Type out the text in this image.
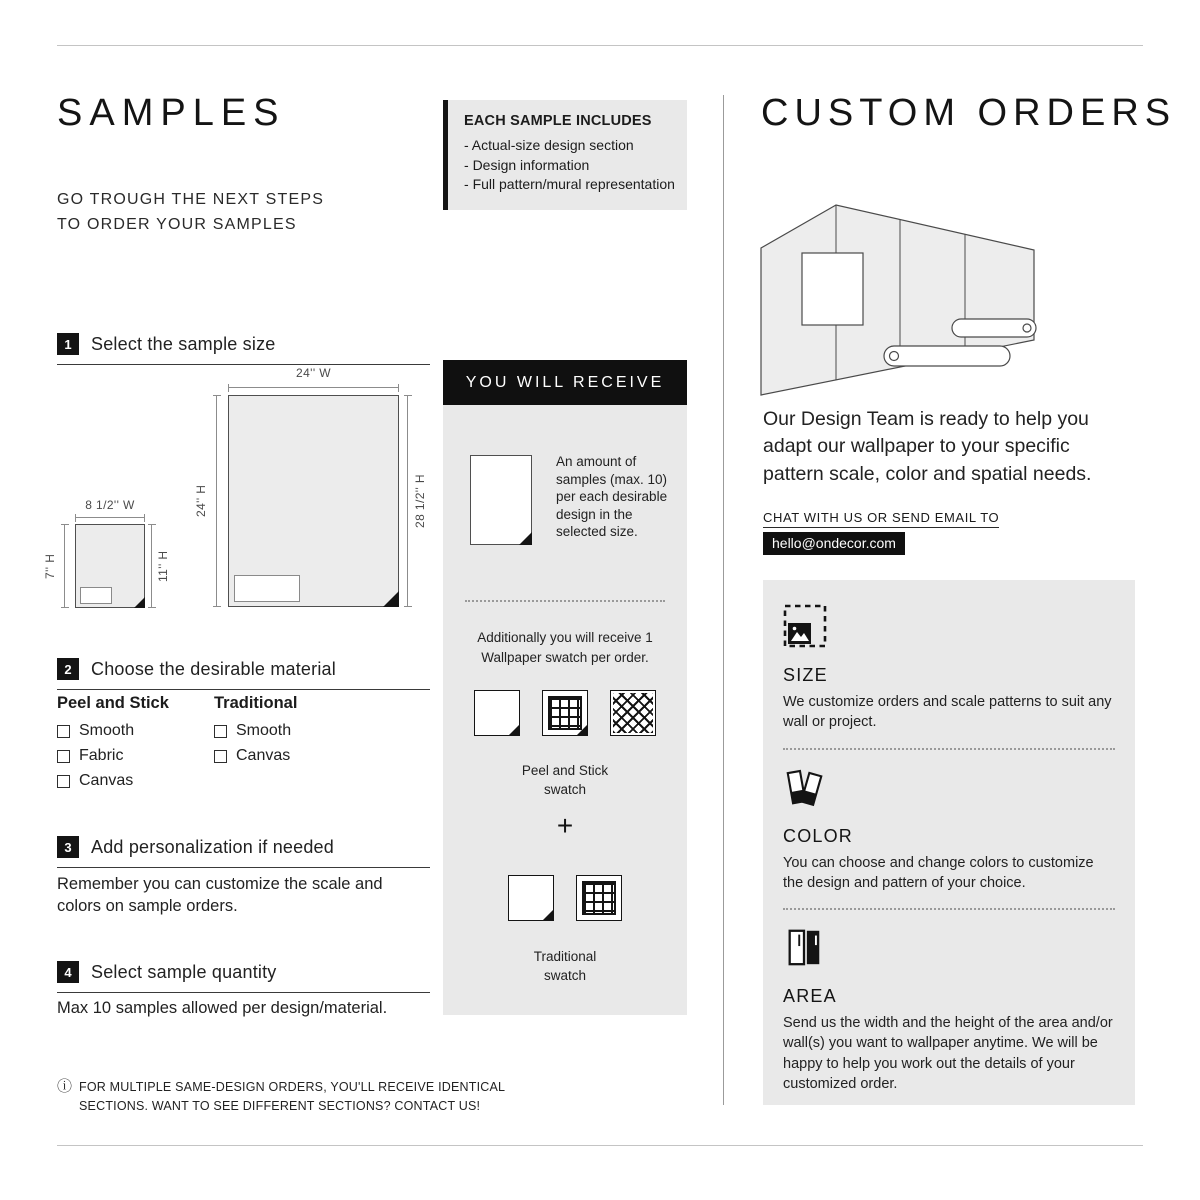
SAMPLES
GO TROUGH THE NEXT STEPS
TO ORDER YOUR SAMPLES
EACH SAMPLE INCLUDES
- Actual-size design section
- Design information
- Full pattern/mural representation
1	Select the sample size
24'' W
24'' H	28 1/2'' H
8 1/2'' W
7'' H	11'' H
2	Choose the desirable material
Peel and Stick
Smooth
Fabric
Canvas
Traditional
Smooth
Canvas
3	Add personalization if needed
Remember you can customize the scale and colors on sample orders.
4	Select sample quantity
Max 10 samples allowed per design/material.
ⓘ FOR MULTIPLE SAME-DESIGN ORDERS, YOU'LL RECEIVE IDENTICAL
SECTIONS. WANT TO SEE DIFFERENT SECTIONS? CONTACT US!
YOU WILL RECEIVE
An amount of samples (max. 10) per each desirable design in the selected size.
Additionally you will receive 1 Wallpaper swatch per order.
Peel and Stick swatch
+
Traditional swatch
CUSTOM ORDERS
Our Design Team is ready to help you adapt our wallpaper to your specific pattern scale, color and spatial needs.
CHAT WITH US OR SEND EMAIL TO
hello@ondecor.com
SIZE
We customize orders and scale patterns to suit any wall or project.
COLOR
You can choose and change colors to customize the design and pattern of your choice.
AREA
Send us the width and the height of the area and/or wall(s) you want to wallpaper anytime. We will be happy to help you work out the details of your customized order.
